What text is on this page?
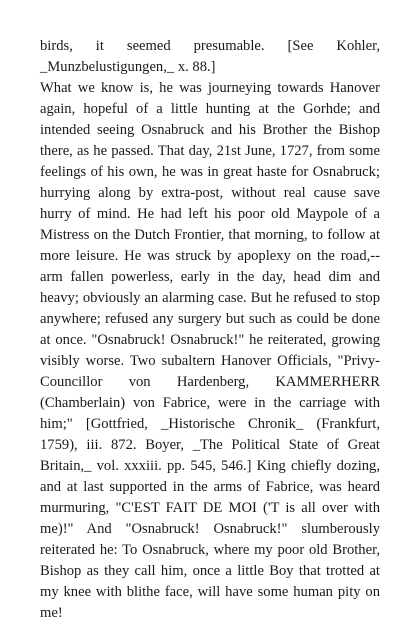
birds, it seemed presumable. [See Kohler, _Munzbelustigungen,_ x. 88.]

What we know is, he was journeying towards Hanover again, hopeful of a little hunting at the Gorhde; and intended seeing Osnabruck and his Brother the Bishop there, as he passed. That day, 21st June, 1727, from some feelings of his own, he was in great haste for Osnabruck; hurrying along by extra-post, without real cause save hurry of mind. He had left his poor old Maypole of a Mistress on the Dutch Frontier, that morning, to follow at more leisure. He was struck by apoplexy on the road,--arm fallen powerless, early in the day, head dim and heavy; obviously an alarming case. But he refused to stop anywhere; refused any surgery but such as could be done at once. "Osnabruck! Osnabruck!" he reiterated, growing visibly worse. Two subaltern Hanover Officials, "Privy-Councillor von Hardenberg, KAMMERHERR (Chamberlain) von Fabrice, were in the carriage with him;" [Gottfried, _Historische Chronik_ (Frankfurt, 1759), iii. 872. Boyer, _The Political State of Great Britain,_ vol. xxxiii. pp. 545, 546.] King chiefly dozing, and at last supported in the arms of Fabrice, was heard murmuring, "C'EST FAIT DE MOI ('T is all over with me)!" And "Osnabruck! Osnabruck!" slumberously reiterated he: To Osnabruck, where my poor old Brother, Bishop as they call him, once a little Boy that trotted at my knee with blithe face, will have some human pity on me!
